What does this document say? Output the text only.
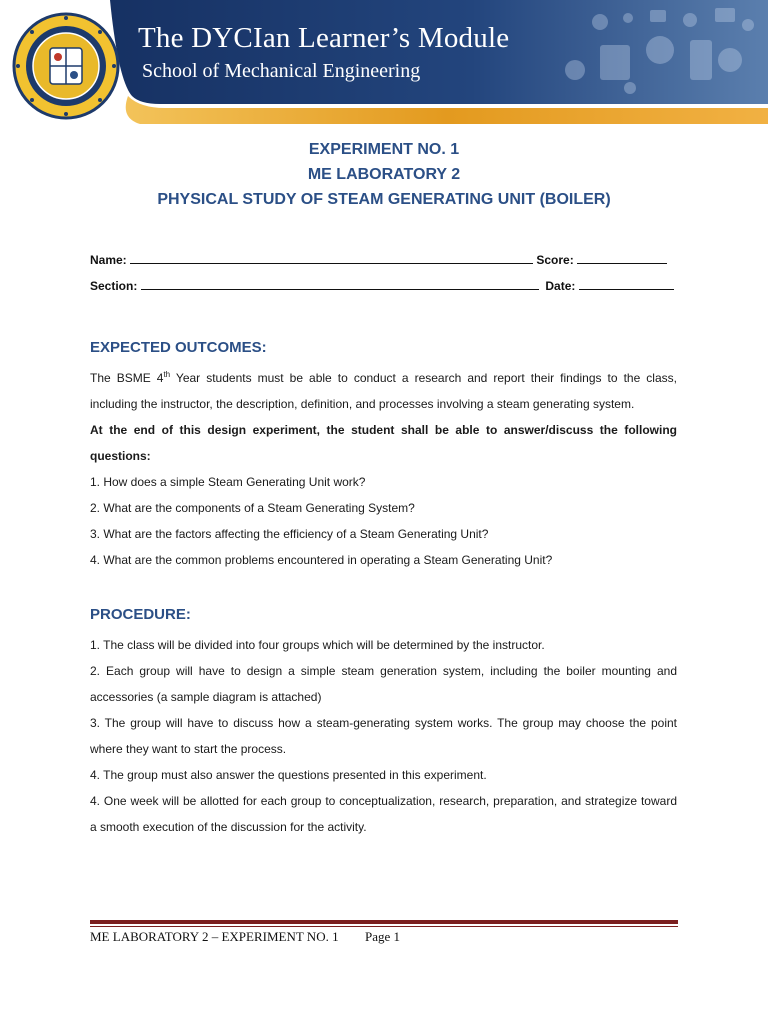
The DYCIan Learner’s Module
School of Mechanical Engineering
EXPERIMENT NO. 1
ME LABORATORY 2
PHYSICAL STUDY OF STEAM GENERATING UNIT (BOILER)
Name:	Score:
Section:	Date:
EXPECTED OUTCOMES:

The BSME 4th Year students must be able to conduct a research and report their findings to the class, including the instructor, the description, definition, and processes involving a steam generating system.

At the end of this design experiment, the student shall be able to answer/discuss the following questions:

1. How does a simple Steam Generating Unit work?

2. What are the components of a Steam Generating System?

3. What are the factors affecting the efficiency of a Steam Generating Unit?

4. What are the common problems encountered in operating a Steam Generating Unit?

PROCEDURE:

1. The class will be divided into four groups which will be determined by the instructor.

2. Each group will have to design a simple steam generation system, including the boiler mounting and accessories (a sample diagram is attached)

3. The group will have to discuss how a steam-generating system works. The group may choose the point where they want to start the process.

4. The group must also answer the questions presented in this experiment.

4. One week will be allotted for each group to conceptualization, research, preparation, and strategize toward a smooth execution of the discussion for the activity.

ME LABORATORY 2 – EXPERIMENT NO. 1 Page 1
